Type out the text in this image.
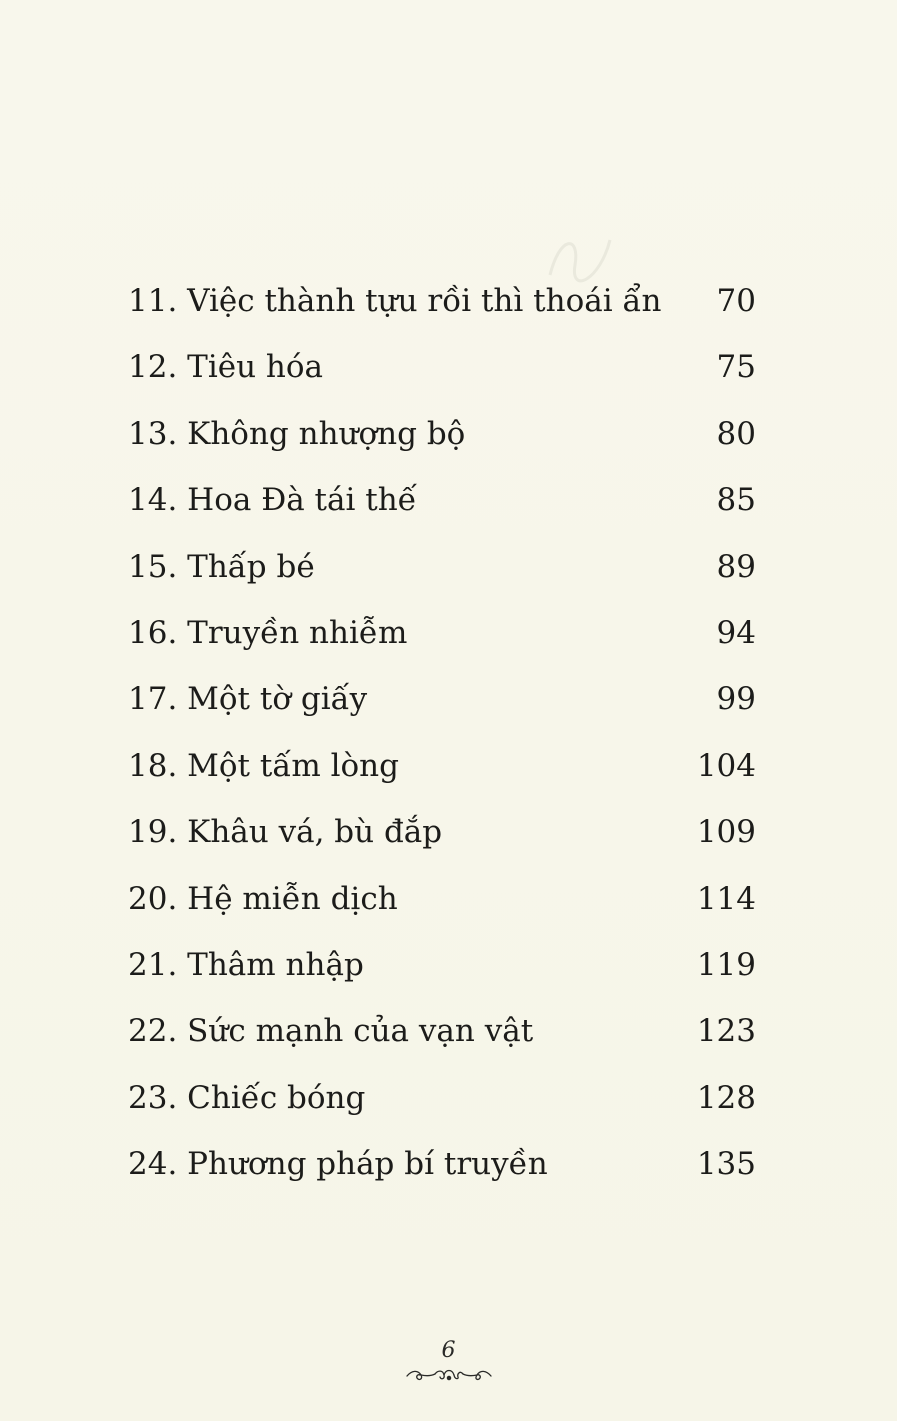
11. Việc thành tựu rồi thì thoái ẩn 70
12. Tiêu hóa	75
13. Không nhượng bộ	80
14. Hoa Đà tái thế	85
15. Thấp bé	89
16. Truyền nhiễm	94
17. Một tờ giấy	99
18. Một tấm lòng	104
19. Khâu vá, bù đắp	109
20. Hệ miễn dịch	114
21. Thâm nhập	119
22. Sức mạnh của vạn vật	123
23. Chiếc bóng	128
24. Phương pháp bí truyền	135
6
